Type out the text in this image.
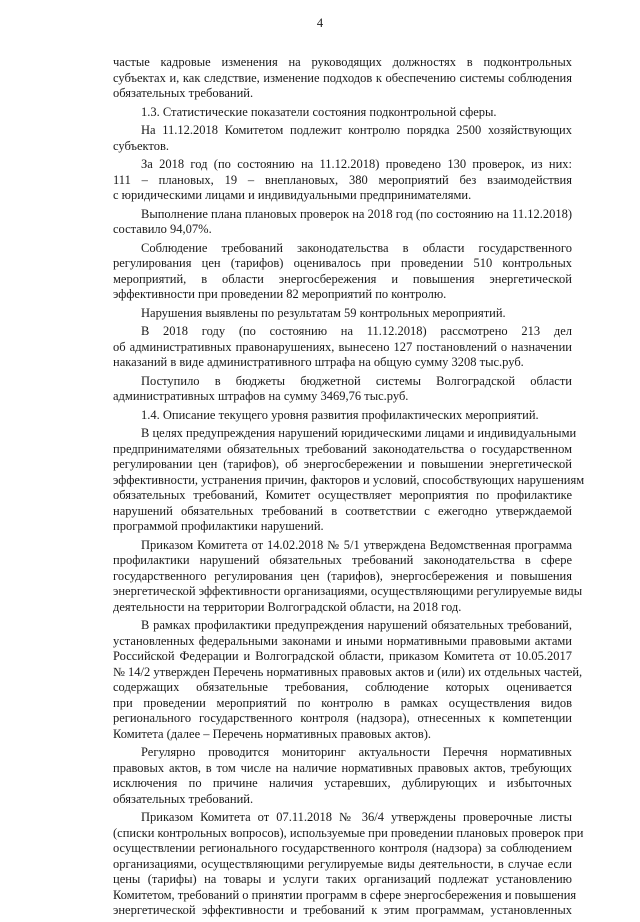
4
частые кадровые изменения на руководящих должностях в подконтрольных
субъектах и, как следствие, изменение подходов к обеспечению системы соблюдения
обязательных требований.
1.3. Статистические показатели состояния подконтрольной сферы.
На 11.12.2018 Комитетом подлежит контролю порядка 2500 хозяйствующих
субъектов.
За 2018 год (по состоянию на 11.12.2018) проведено 130 проверок, из них:
111 – плановых, 19 – внеплановых, 380 мероприятий без взаимодействия
с юридическими лицами и индивидуальными предпринимателями.
Выполнение плана плановых проверок на 2018 год (по состоянию на 11.12.2018)
составило 94,07%.
Соблюдение требований законодательства в области государственного
регулирования цен (тарифов) оценивалось при проведении 510 контрольных
мероприятий, в области энергосбережения и повышения энергетической
эффективности при проведении 82 мероприятий по контролю.
Нарушения выявлены по результатам 59 контрольных мероприятий.
В 2018 году (по состоянию на 11.12.2018) рассмотрено 213 дел
об административных правонарушениях, вынесено 127 постановлений о назначении
наказаний в виде административного штрафа на общую сумму 3208 тыс.руб.
Поступило в бюджеты бюджетной системы Волгоградской области
административных штрафов на сумму 3469,76 тыс.руб.
1.4. Описание текущего уровня развития профилактических мероприятий.
В целях предупреждения нарушений юридическими лицами и индивидуальными
предпринимателями обязательных требований законодательства о государственном
регулировании цен (тарифов), об энергосбережении и повышении энергетической
эффективности, устранения причин, факторов и условий, способствующих нарушениям
обязательных требований, Комитет осуществляет мероприятия по профилактике
нарушений обязательных требований в соответствии с ежегодно утверждаемой
программой профилактики нарушений.
Приказом Комитета от 14.02.2018 № 5/1 утверждена Ведомственная программа
профилактики нарушений обязательных требований законодательства в сфере
государственного регулирования цен (тарифов), энергосбережения и повышения
энергетической эффективности организациями, осуществляющими регулируемые виды
деятельности на территории Волгоградской области, на 2018 год.
В рамках профилактики предупреждения нарушений обязательных требований,
установленных федеральными законами и иными нормативными правовыми актами
Российской Федерации и Волгоградской области, приказом Комитета от 10.05.2017
№ 14/2 утвержден Перечень нормативных правовых актов и (или) их отдельных частей,
содержащих обязательные требования, соблюдение которых оценивается
при проведении мероприятий по контролю в рамках осуществления видов
регионального государственного контроля (надзора), отнесенных к компетенции
Комитета (далее – Перечень нормативных правовых актов).
Регулярно проводится мониторинг актуальности Перечня нормативных
правовых актов, в том числе на наличие нормативных правовых актов, требующих
исключения по причине наличия устаревших, дублирующих и избыточных
обязательных требований.
Приказом Комитета от 07.11.2018 № 36/4 утверждены проверочные листы
(списки контрольных вопросов), используемые при проведении плановых проверок при
осуществлении регионального государственного контроля (надзора) за соблюдением
организациями, осуществляющими регулируемые виды деятельности, в случае если
цены (тарифы) на товары и услуги таких организаций подлежат установлению
Комитетом, требований о принятии программ в сфере энергосбережения и повышения
энергетической эффективности и требований к этим программам, установленных
